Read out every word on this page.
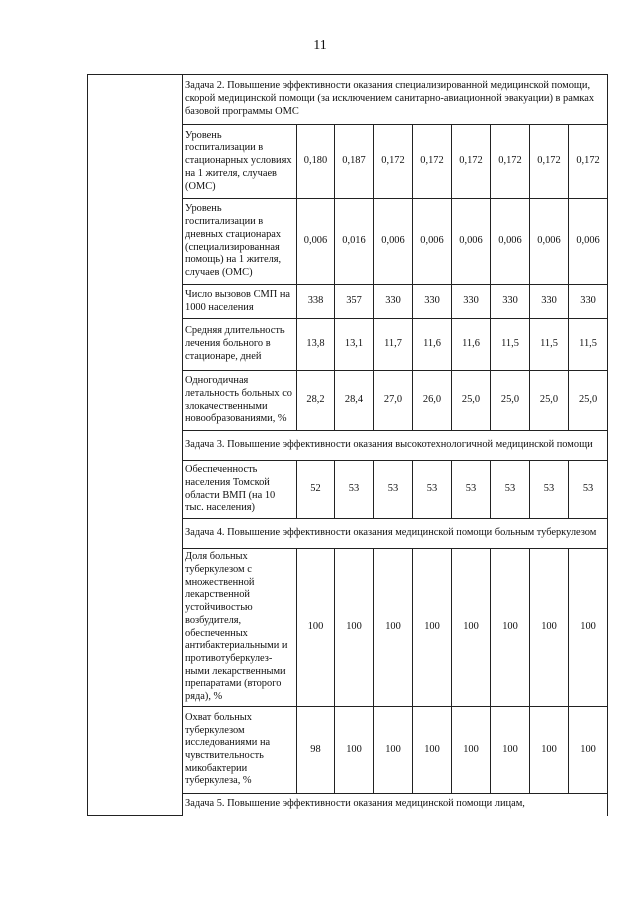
11
	Задача 2. Повышение эффективности оказания специализированной медицинской помощи, скорой медицинской помощи (за исключением санитарно-авиационной эвакуации) в рамках базовой программы ОМС								
	Уровень госпитализации в стационарных условиях на 1 жителя, случаев (ОМС)	0,180	0,187	0,172	0,172	0,172	0,172	0,172	0,172
	Уровень госпитализации в дневных стационарах (специализированная помощь) на 1 жителя, случаев (ОМС)	0,006	0,016	0,006	0,006	0,006	0,006	0,006	0,006
	Число вызовов СМП на 1000 населения	338	357	330	330	330	330	330	330
	Средняя длительность лечения больного в стационаре, дней	13,8	13,1	11,7	11,6	11,6	11,5	11,5	11,5
	Одногодичная летальность больных со злокачественными новообразованиями, %	28,2	28,4	27,0	26,0	25,0	25,0	25,0	25,0
	Задача 3. Повышение эффективности оказания высокотехнологичной медицинской помощи								
	Обеспеченность населения Томской области ВМП (на 10 тыс. населения)	52	53	53	53	53	53	53	53
	Задача 4. Повышение эффективности оказания медицинской помощи больным туберкулезом								
	Доля больных туберкулезом с множественной лекарственной устойчивостью возбудителя, обеспеченных антибактериальными и противотуберкулез-ными лекарственными препаратами (второго ряда), %	100	100	100	100	100	100	100	100
	Охват больных туберкулезом исследованиями на чувствительность микобактерии туберкулеза, %	98	100	100	100	100	100	100	100
	Задача 5. Повышение эффективности оказания медицинской помощи лицам,								
